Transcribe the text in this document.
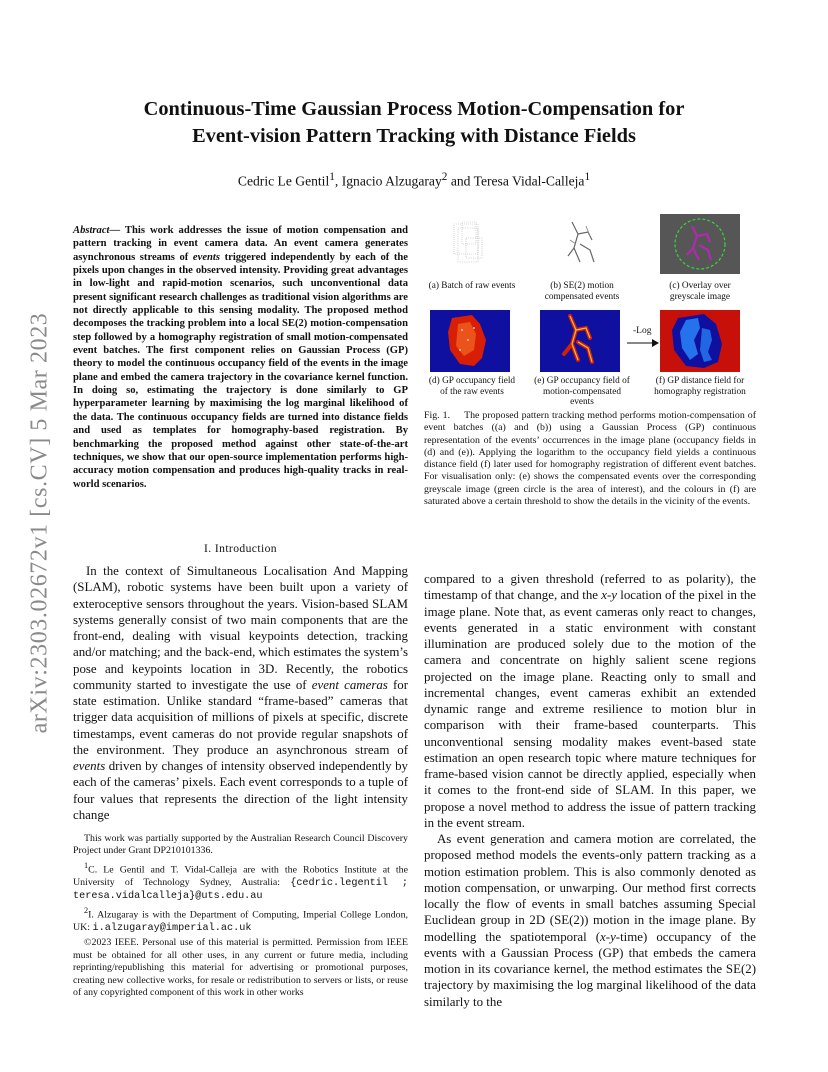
Continuous-Time Gaussian Process Motion-Compensation for
Event-vision Pattern Tracking with Distance Fields
Cedric Le Gentil$^1$, Ignacio Alzugaray$^2$ and Teresa Vidal-Calleja$^1$
arXiv:2303.02672v1 [cs.CV] 5 Mar 2023
Abstract— This work addresses the issue of motion compensation and pattern tracking in event camera data. An event camera generates asynchronous streams of events triggered independently by each of the pixels upon changes in the observed intensity. Providing great advantages in low-light and rapid-motion scenarios, such unconventional data present significant research challenges as traditional vision algorithms are not directly applicable to this sensing modality. The proposed method decomposes the tracking problem into a local SE(2) motion-compensation step followed by a homography registration of small motion-compensated event batches. The first component relies on Gaussian Process (GP) theory to model the continuous occupancy field of the events in the image plane and embed the camera trajectory in the covariance kernel function. In doing so, estimating the trajectory is done similarly to GP hyperparameter learning by maximising the log marginal likelihood of the data. The continuous occupancy fields are turned into distance fields and used as templates for homography-based registration. By benchmarking the proposed method against other state-of-the-art techniques, we show that our open-source implementation performs high-accuracy motion compensation and produces high-quality tracks in real-world scenarios.
I. Introduction

In the context of Simultaneous Localisation And Mapping (SLAM), robotic systems have been built upon a variety of exteroceptive sensors throughout the years. Vision-based SLAM systems generally consist of two main components that are the front-end, dealing with visual keypoints detection, tracking and/or matching; and the back-end, which estimates the system’s pose and keypoints location in 3D. Recently, the robotics community started to investigate the use of event cameras for state estimation. Unlike standard “frame-based” cameras that trigger data acquisition of millions of pixels at specific, discrete timestamps, event cameras do not provide regular snapshots of the environment. They produce an asynchronous stream of events driven by changes of intensity observed independently by each of the cameras’ pixels. Each event corresponds to a tuple of four values that represents the direction of the light intensity change

This work was partially supported by the Australian Research Council Discovery Project under Grant DP210101336.

$^1$C. Le Gentil and T. Vidal-Calleja are with the Robotics Institute at the University of Technology Sydney, Australia: {cedric.legentil ; teresa.vidalcalleja}@uts.edu.au

$^2$I. Alzugaray is with the Department of Computing, Imperial College London, UK: i.alzugaray@imperial.ac.uk

©2023 IEEE. Personal use of this material is permitted. Permission from IEEE must be obtained for all other uses, in any current or future media, including reprinting/republishing this material for advertising or promotional purposes, creating new collective works, for resale or redistribution to servers or lists, or reuse of any copyrighted component of this work in other works

(a) Batch of raw events	(b) SE(2) motion compensated events
(c) Overlay over greyscale image
-Log
(d) GP occupancy field of the raw events
(e) GP occupancy field of motion-compensated events
(f) GP distance field for homography registration
Fig. 1. The proposed pattern tracking method performs motion-compensation of event batches ((a) and (b)) using a Gaussian Process (GP) continuous representation of the events’ occurrences in the image plane (occupancy fields in (d) and (e)). Applying the logarithm to the occupancy field yields a continuous distance field (f) later used for homography registration of different event batches. For visualisation only: (e) shows the compensated events over the corresponding greyscale image (green circle is the area of interest), and the colours in (f) are saturated above a certain threshold to show the details in the vicinity of the events.

compared to a given threshold (referred to as polarity), the timestamp of that change, and the x-y location of the pixel in the image plane. Note that, as event cameras only react to changes, events generated in a static environment with constant illumination are produced solely due to the motion of the camera and concentrate on highly salient scene regions projected on the image plane. Reacting only to small and incremental changes, event cameras exhibit an extended dynamic range and extreme resilience to motion blur in comparison with their frame-based counterparts. This unconventional sensing modality makes event-based state estimation an open research topic where mature techniques for frame-based vision cannot be directly applied, especially when it comes to the front-end side of SLAM. In this paper, we propose a novel method to address the issue of pattern tracking in the event stream.

As event generation and camera motion are correlated, the proposed method models the events-only pattern tracking as a motion estimation problem. This is also commonly denoted as motion compensation, or unwarping. Our method first corrects locally the flow of events in small batches assuming Special Euclidean group in 2D (SE(2)) motion in the image plane. By modelling the spatiotemporal (x-y-time) occupancy of the events with a Gaussian Process (GP) that embeds the camera motion in its covariance kernel, the method estimates the SE(2) trajectory by maximising the log marginal likelihood of the data similarly to the
